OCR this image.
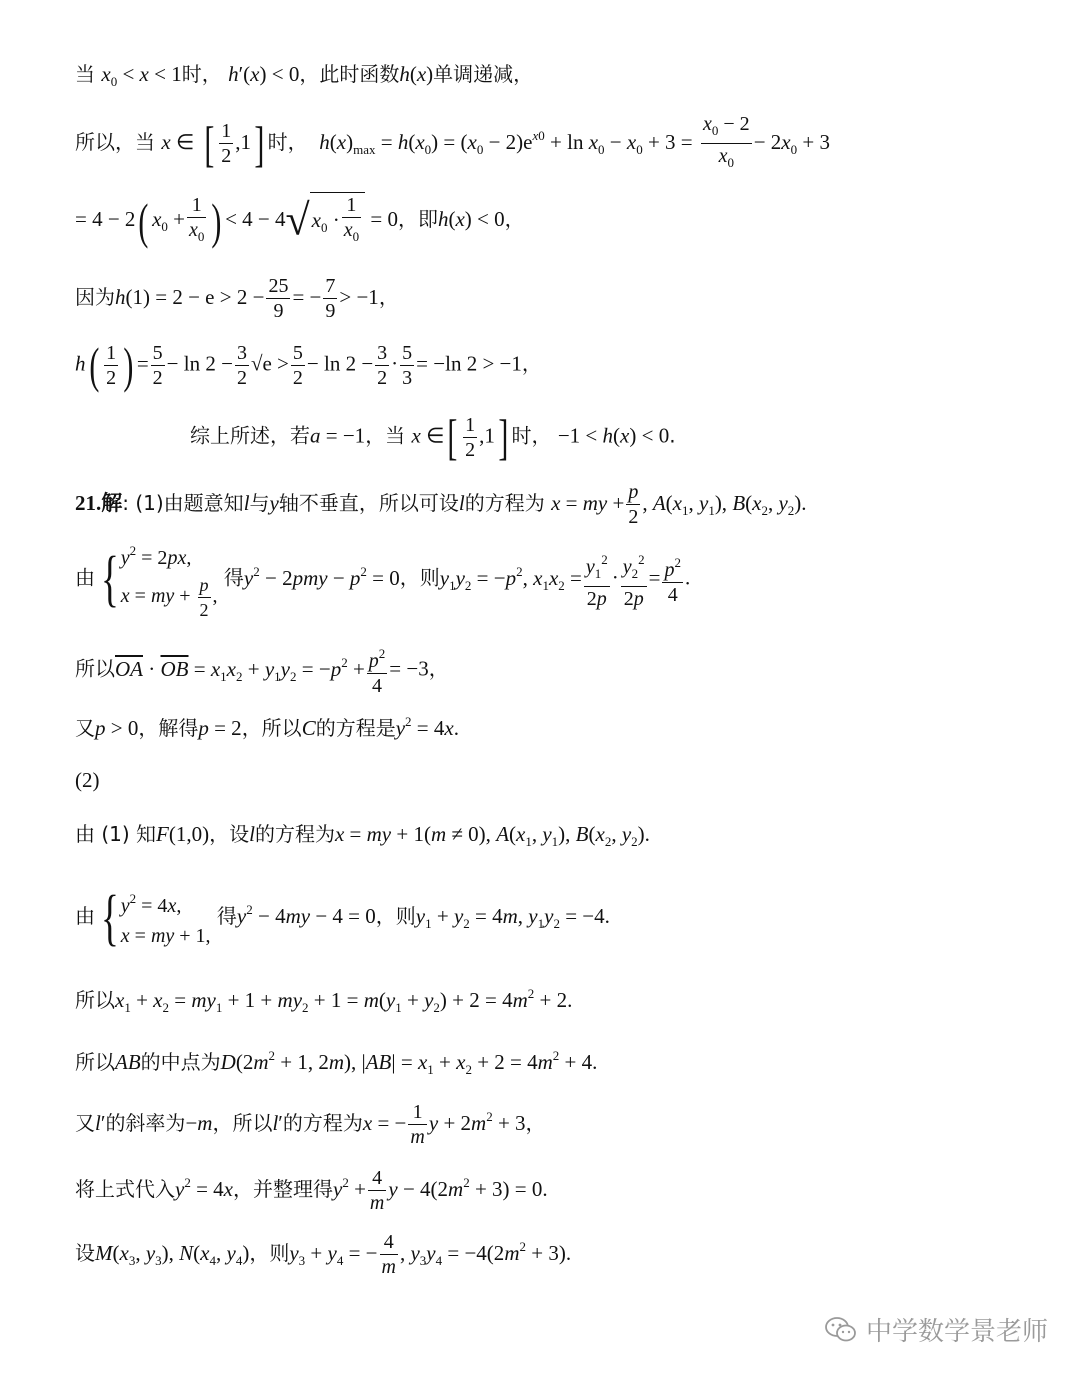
当 $x_0 < x < 1$时， h′(x) < 0，此时函数h(x)单调递减，
所以，当 x ∈ [ $\frac{1}{2} ,1$] 时， $h(x)_{max} = h(x_0) = (x_0 - 2)e^{x0} + \ln x_0 - x_0 + 3 = \frac{x_0 - 2}{x_0} - 2x_0 + 3$
= 4 − 2( $x_0 + \frac{1}{x_0}$ ) < $4 - 4√x_0 \cdot \frac{1}{x_0} = 0$，即h(x) < 0，
因为$h(1) = 2 - e > 2 - \frac{25}{9}$ = − $\frac{7}{9} > -1$，
$h( \frac{1}{2}$ ) = $\frac{5}{2} - \ln 2 - \frac{3}{2} √e > \frac{5}{2} - \ln 2 - \frac{3}{2} \cdot \frac{5}{3} = -\ln$ 2 > −1，
综上所述，若a = −1，当 x ∈[ $\frac{1}{2} ,1$] 时， −1 < h(x) < 0.
21.解: (1)由题意知l与y轴不垂直，所以可设l的方程为 x = my + $\frac{p}{2}$ , $A(x_1$, $y_1$), $B(x_2$, $y_2$).
由{ $y^2 = 2px$,
x = my + $\frac{p}{2}$ ,
得$y^2 - 2pmy - p^2 = 0$，则$y_1y_2 = -p^2$, $x_1x_2 = \frac{y_1^2}{2p} \cdot \frac{y_2^2}{2p} = \frac{p^2}{4}$ .
所以$\overline{OA} \cdot \overline{OB} = x_1x_2 + y_1y_2 = -p^2 + \frac{p^2}{4} = -3$，
又p > 0，解得p = 2，所以C的方程是$y^2 = 4x$.
(2)
由 (1) 知F(1,0)，设l的方程为x = my + 1(m ≠ 0), $A(x_1$, $y_1$), $B(x_2$, $y_2$).
由{ $y^2 = 4x$,
x = my + 1,
得$y^2 - 4my - 4 = 0$，则$y_1 + y_2 = 4m$, $y_1y_2 = -4$.
所以$x_1 + x_2 = my_1 + 1 + my_2 + 1 = m(y_1 + y_2) + 2 = 4m^2 + 2$.
所以AB的中点为$D(2m^2 + 1$, 2m), $|AB| = x_1 + x_2 + 2 = 4m^2 + 4$.
又l′的斜率为−m，所以l′的方程为x = − $\frac{1}{m}$ $y + 2m^2 + 3$，
将上式代入$y^2 = 4x$，并整理得$y^2 + \frac{4}{m}$ $y - 4(2m^2 + 3) = 0$.
设$M(x_3$, $y_3$), $N(x_4$, $y_4$)，则$y_3 + y_4$ = − $\frac{4}{m}$ , $y_3y_4 = -4(2m^2 + 3)$.
中学数学景老师
